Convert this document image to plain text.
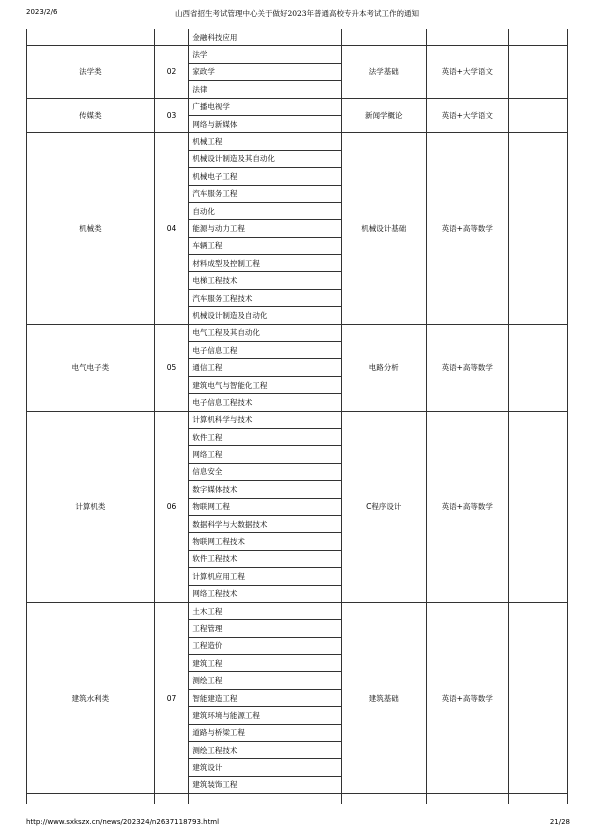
2023/2/6	山西省招生考试管理中心关于做好2023年普通高校专升本考试工作的通知
		金融科技应用			
法学类	02	法学	法学基础	英语+大学语文	
		家政学			
		法律			
传媒类	03	广播电视学	新闻学概论	英语+大学语文	
		网络与新媒体			
机械类	04	机械工程	机械设计基础	英语+高等数学	
		机械设计制造及其自动化			
		机械电子工程			
		汽车服务工程			
		自动化			
		能源与动力工程			
		车辆工程			
		材料成型及控制工程			
		电梯工程技术			
		汽车服务工程技术			
		机械设计制造及自动化			
电气电子类	05	电气工程及其自动化	电路分析	英语+高等数学	
		电子信息工程			
		通信工程			
		建筑电气与智能化工程			
		电子信息工程技术			
计算机类	06	计算机科学与技术	C程序设计	英语+高等数学	
		软件工程			
		网络工程			
		信息安全			
		数字媒体技术			
		物联网工程			
		数据科学与大数据技术			
		物联网工程技术			
		软件工程技术			
		计算机应用工程			
		网络工程技术			
建筑水利类	07	土木工程	建筑基础	英语+高等数学	
		工程管理			
		工程造价			
		建筑工程			
		测绘工程			
		智能建造工程			
		建筑环境与能源工程			
		道路与桥梁工程			
		测绘工程技术			
		建筑设计			
		建筑装饰工程			

http://www.sxkszx.cn/news/202324/n2637118793.html	21/28
